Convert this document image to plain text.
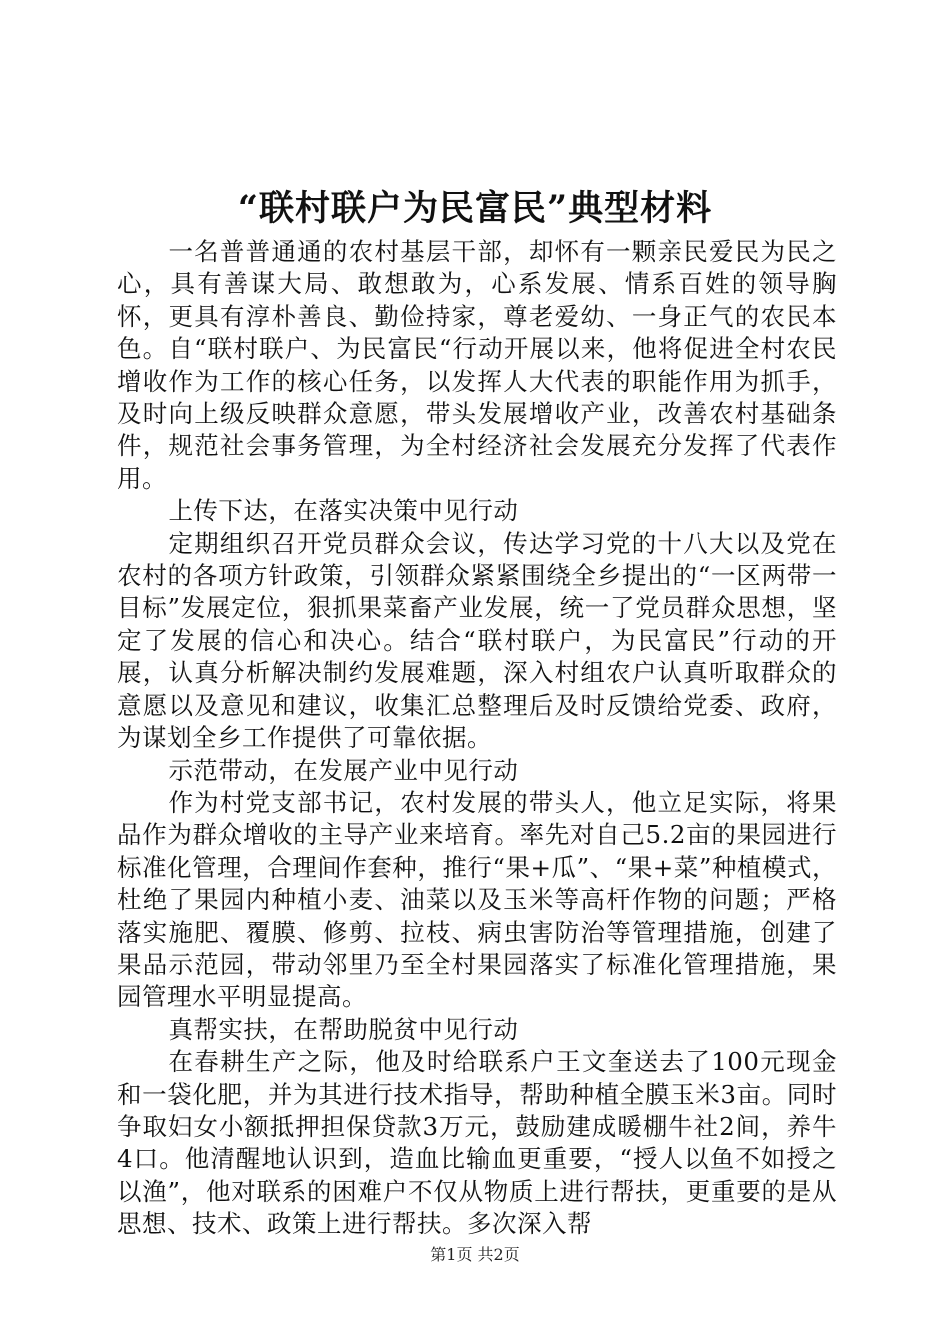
“联村联户为民富民”典型材料

一名普普通通的农村基层干部，却怀有一颗亲民爱民为民之心，具有善谋大局、敢想敢为，心系发展、情系百姓的领导胸怀，更具有淳朴善良、勤俭持家，尊老爱幼、一身正气的农民本色。自“联村联户、为民富民“行动开展以来，他将促进全村农民增收作为工作的核心任务，以发挥人大代表的职能作用为抓手，及时向上级反映群众意愿，带头发展增收产业，改善农村基础条件，规范社会事务管理，为全村经济社会发展充分发挥了代表作用。

上传下达，在落实决策中见行动

定期组织召开党员群众会议，传达学习党的十八大以及党在农村的各项方针政策，引领群众紧紧围绕全乡提出的“一区两带一目标”发展定位，狠抓果菜畜产业发展，统一了党员群众思想，坚定了发展的信心和决心。结合“联村联户，为民富民”行动的开展，认真分析解决制约发展难题，深入村组农户认真听取群众的意愿以及意见和建议，收集汇总整理后及时反馈给党委、政府，为谋划全乡工作提供了可靠依据。

示范带动，在发展产业中见行动

作为村党支部书记，农村发展的带头人，他立足实际，将果品作为群众增收的主导产业来培育。率先对自己5.2亩的果园进行标准化管理，合理间作套种，推行“果+瓜”、“果+菜”种植模式，杜绝了果园内种植小麦、油菜以及玉米等高杆作物的问题；严格落实施肥、覆膜、修剪、拉枝、病虫害防治等管理措施，创建了果品示范园，带动邻里乃至全村果园落实了标准化管理措施，果园管理水平明显提高。

真帮实扶，在帮助脱贫中见行动

在春耕生产之际，他及时给联系户王文奎送去了100元现金和一袋化肥，并为其进行技术指导，帮助种植全膜玉米3亩。同时争取妇女小额抵押担保贷款3万元，鼓励建成暖棚牛社2间，养牛4口。他清醒地认识到，造血比输血更重要，“授人以鱼不如授之以渔”，他对联系的困难户不仅从物质上进行帮扶，更重要的是从思想、技术、政策上进行帮扶。多次深入帮

第1页 共2页
